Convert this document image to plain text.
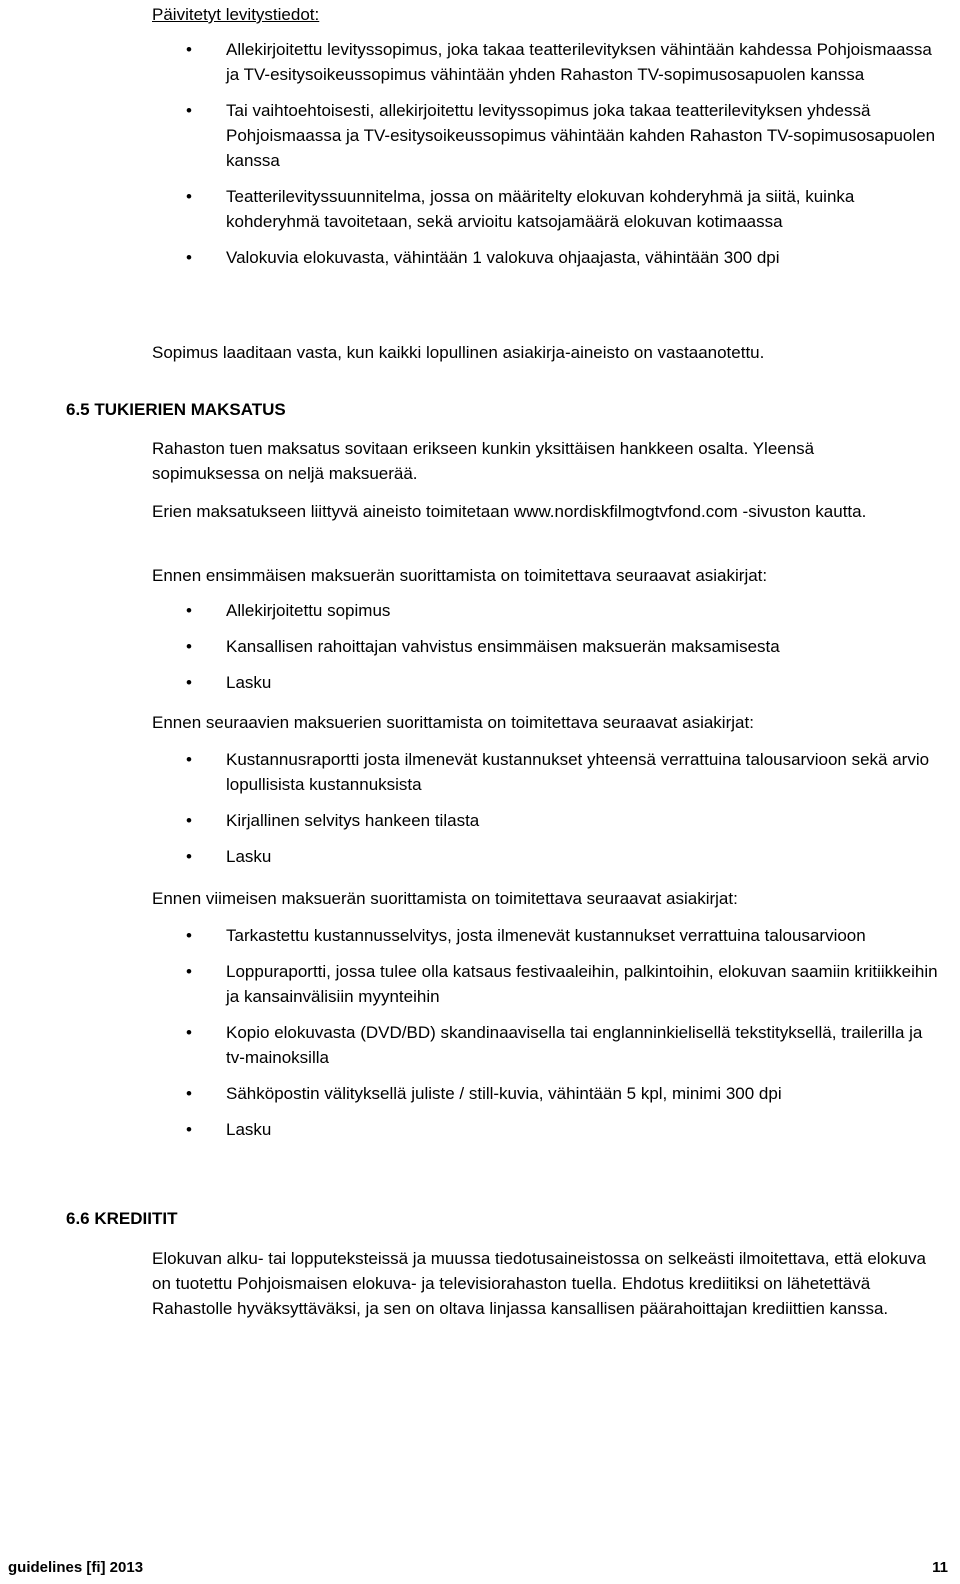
Päivitetyt levitystiedot:
• Allekirjoitettu levityssopimus, joka takaa teatterilevityksen vähintään kahdessa Pohjoismaassa ja TV-esitysoikeussopimus vähintään yhden Rahaston TV-sopimusosapuolen kanssa
• Tai vaihtoehtoisesti, allekirjoitettu levityssopimus joka takaa teatterilevityksen yhdessä Pohjoismaassa ja TV-esitysoikeussopimus vähintään kahden Rahaston TV-sopimusosapuolen kanssa
• Teatterilevityssuunnitelma, jossa on määritelty elokuvan kohderyhmä ja siitä, kuinka kohderyhmä tavoitetaan, sekä arvioitu katsojamäärä elokuvan kotimaassa
• Valokuvia elokuvasta, vähintään 1 valokuva ohjaajasta, vähintään 300 dpi

Sopimus laaditaan vasta, kun kaikki lopullinen asiakirja-aineisto on vastaanotettu.

6.5 TUKIERIEN MAKSATUS

Rahaston tuen maksatus sovitaan erikseen kunkin yksittäisen hankkeen osalta. Yleensä sopimuksessa on neljä maksuerää.

Erien maksatukseen liittyvä aineisto toimitetaan www.nordiskfilmogtvfond.com -sivuston kautta.

Ennen ensimmäisen maksuerän suorittamista on toimitettava seuraavat asiakirjat:

• Allekirjoitettu sopimus
• Kansallisen rahoittajan vahvistus ensimmäisen maksuerän maksamisesta
• Lasku

Ennen seuraavien maksuerien suorittamista on toimitettava seuraavat asiakirjat:

• Kustannusraportti josta ilmenevät kustannukset yhteensä verrattuina talousarvioon sekä arvio lopullisista kustannuksista
• Kirjallinen selvitys hankeen tilasta
• Lasku

Ennen viimeisen maksuerän suorittamista on toimitettava seuraavat asiakirjat:

• Tarkastettu kustannusselvitys, josta ilmenevät kustannukset verrattuina talousarvioon
• Loppuraportti, jossa tulee olla katsaus festivaaleihin, palkintoihin, elokuvan saamiin kritiikkeihin ja kansainvälisiin myynteihin
• Kopio elokuvasta (DVD/BD) skandinaavisella tai englanninkielisellä tekstityksellä, trailerilla ja tv-mainoksilla
• Sähköpostin välityksellä juliste / still-kuvia, vähintään 5 kpl, minimi 300 dpi
• Lasku
6.6 KREDIITIT

Elokuvan alku- tai lopputeksteissä ja muussa tiedotusaineistossa on selkeästi ilmoitettava, että elokuva on tuotettu Pohjoismaisen elokuva- ja televisiorahaston tuella. Ehdotus krediitiksi on lähetettävä Rahastolle hyväksyttäväksi, ja sen on oltava linjassa kansallisen päärahoittajan krediittien kanssa.

guidelines [fi] 2013	11
